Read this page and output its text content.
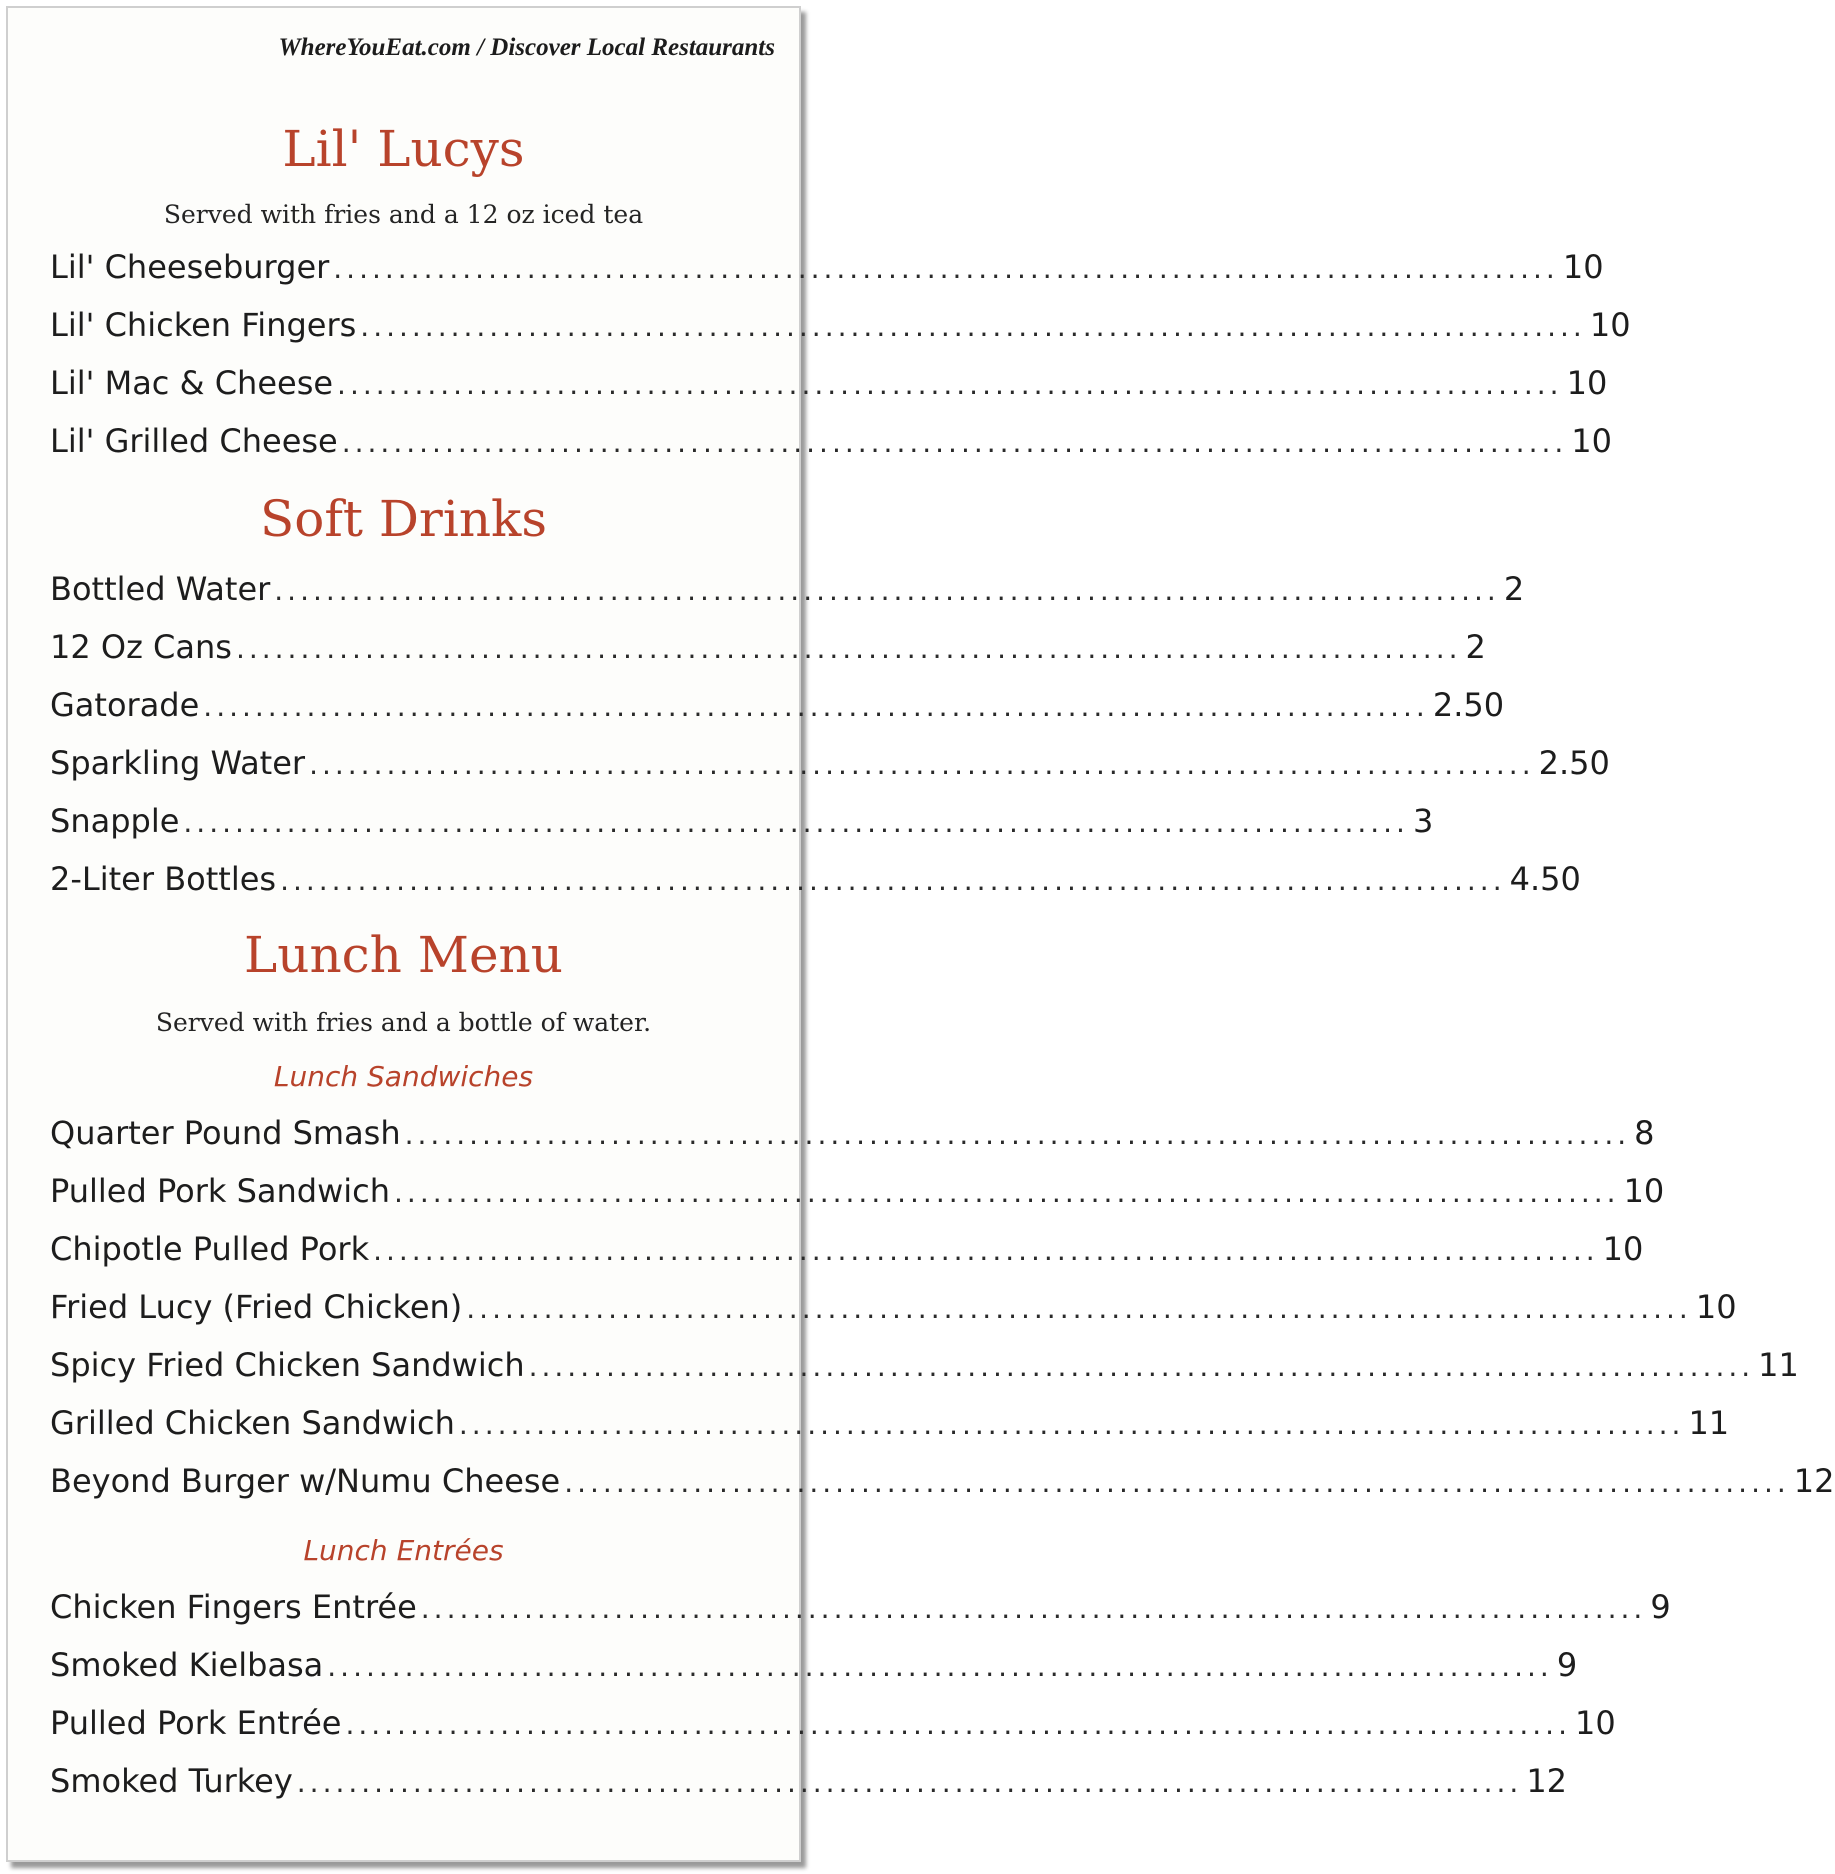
WhereYouEat.com / Discover Local Restaurants
Lil' Lucys
Served with fries and a 12 oz iced tea
Lil' Cheeseburger ............................................................................................... 10
Lil' Chicken Fingers ............................................................................................... 10
Lil' Mac & Cheese ............................................................................................... 10
Lil' Grilled Cheese ............................................................................................... 10
Soft Drinks
Bottled Water ............................................................................................... 2
12 Oz Cans ............................................................................................... 2
Gatorade ............................................................................................... 2.50
Sparkling Water ............................................................................................... 2.50
Snapple ............................................................................................... 3
2-Liter Bottles ............................................................................................... 4.50
Lunch Menu
Served with fries and a bottle of water.
Lunch Sandwiches
Quarter Pound Smash ............................................................................................... 8
Pulled Pork Sandwich ............................................................................................... 10
Chipotle Pulled Pork ............................................................................................... 10
Fried Lucy (Fried Chicken) ............................................................................................... 10
Spicy Fried Chicken Sandwich ............................................................................................... 11
Grilled Chicken Sandwich ............................................................................................... 11
Beyond Burger w/Numu Cheese ............................................................................................... 12
Lunch Entrées
Chicken Fingers Entrée ............................................................................................... 9
Smoked Kielbasa ............................................................................................... 9
Pulled Pork Entrée ............................................................................................... 10
Smoked Turkey ............................................................................................... 12
